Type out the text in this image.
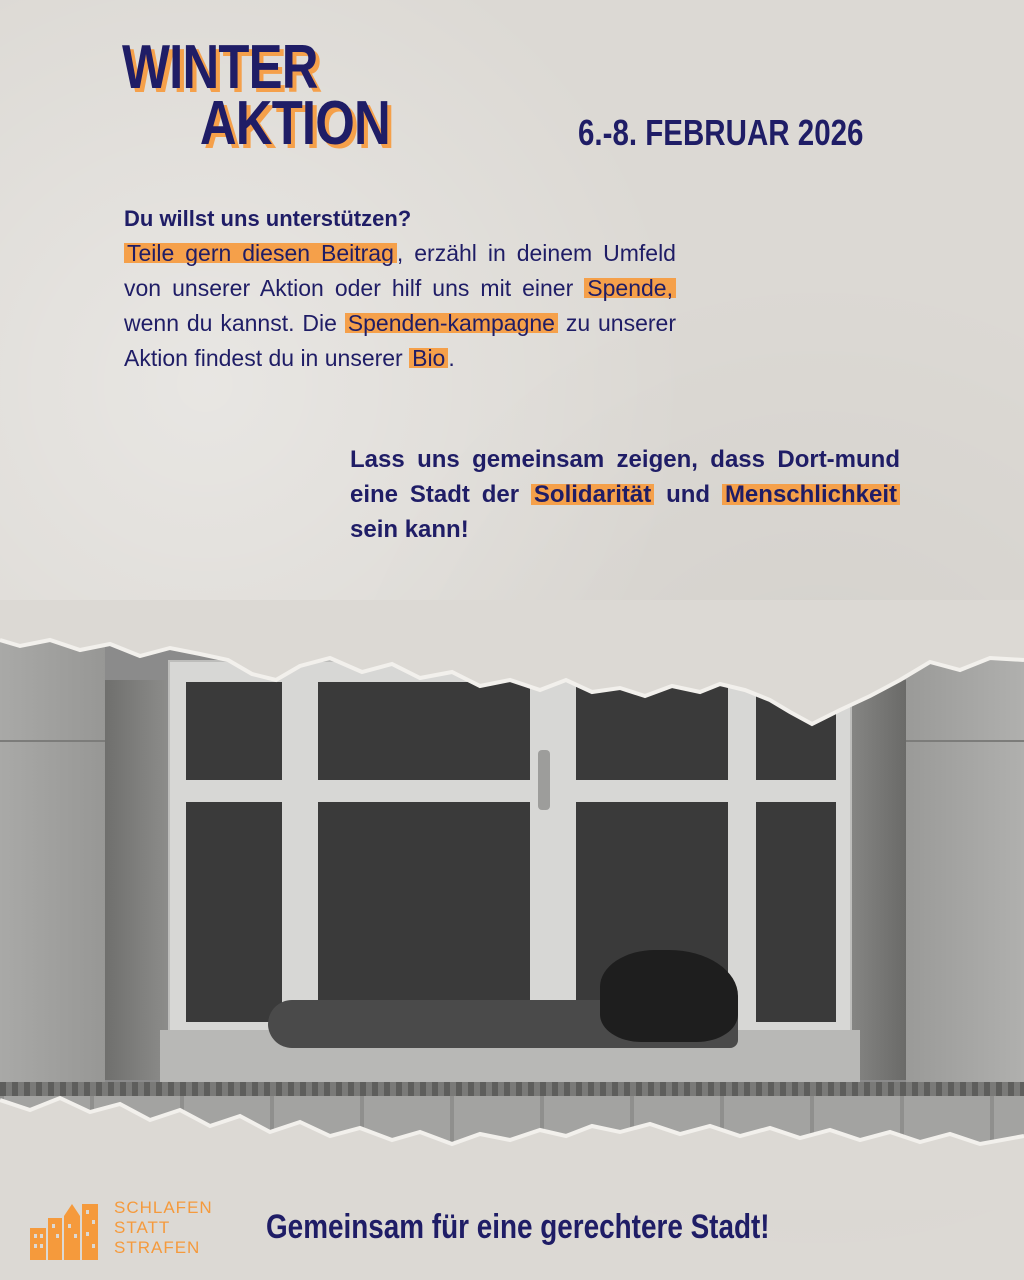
WINTER
AKTION	6.-8. FEBRUAR 2026
Du willst uns unterstützen?

Teile gern diesen Beitrag , erzähl in deinem Umfeld von unserer Aktion oder hilf uns mit einer Spende, wenn du kannst. Die Spenden-kampagne zu unserer Aktion findest du in unserer Bio .

Lass uns gemeinsam zeigen, dass Dort-mund eine Stadt der Solidarität und Menschlichkeit sein kann!

SCHLAFEN
STATT
STRAFEN

Gemeinsam für eine gerechtere Stadt!
